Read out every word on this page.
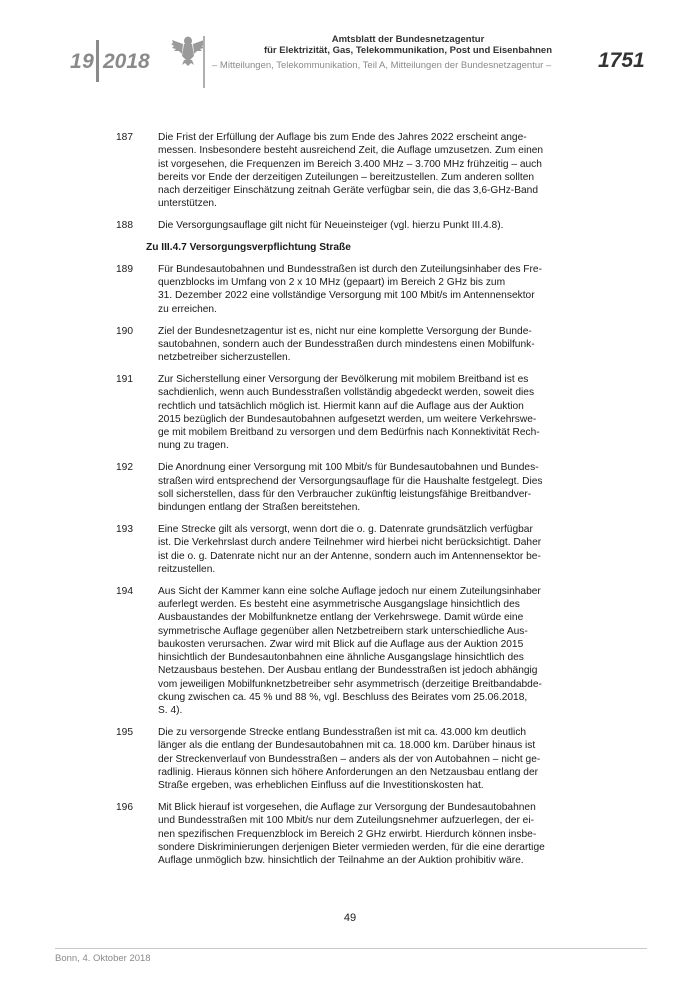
19 2018
Amtsblatt der Bundesnetzagentur
für Elektrizität, Gas, Telekommunikation, Post und Eisenbahnen
– Mitteilungen, Telekommunikation, Teil A, Mitteilungen der Bundesnetzagentur – 1751
187	Die Frist der Erfüllung der Auflage bis zum Ende des Jahres 2022 erscheint ange-
messen. Insbesondere besteht ausreichend Zeit, die Auflage umzusetzen. Zum einen
ist vorgesehen, die Frequenzen im Bereich 3.400 MHz – 3.700 MHz frühzeitig – auch
bereits vor Ende der derzeitigen Zuteilungen – bereitzustellen. Zum anderen sollten
nach derzeitiger Einschätzung zeitnah Geräte verfügbar sein, die das 3,6-GHz-Band
unterstützen.
188	Die Versorgungsauflage gilt nicht für Neueinsteiger (vgl. hierzu Punkt III.4.8).
Zu III.4.7 Versorgungsverpflichtung Straße
189	Für Bundesautobahnen und Bundesstraßen ist durch den Zuteilungsinhaber des Fre-
quenzblocks im Umfang von 2 x 10 MHz (gepaart) im Bereich 2 GHz bis zum
31. Dezember 2022 eine vollständige Versorgung mit 100 Mbit/s im Antennensektor
zu erreichen.
190	Ziel der Bundesnetzagentur ist es, nicht nur eine komplette Versorgung der Bunde-
sautobahnen, sondern auch der Bundesstraßen durch mindestens einen Mobilfunk-
netzbetreiber sicherzustellen.
191	Zur Sicherstellung einer Versorgung der Bevölkerung mit mobilem Breitband ist es
sachdienlich, wenn auch Bundesstraßen vollständig abgedeckt werden, soweit dies
rechtlich und tatsächlich möglich ist. Hiermit kann auf die Auflage aus der Auktion
2015 bezüglich der Bundesautobahnen aufgesetzt werden, um weitere Verkehrswe-
ge mit mobilem Breitband zu versorgen und dem Bedürfnis nach Konnektivität Rech-
nung zu tragen.
192	Die Anordnung einer Versorgung mit 100 Mbit/s für Bundesautobahnen und Bundes-
straßen wird entsprechend der Versorgungsauflage für die Haushalte festgelegt. Dies
soll sicherstellen, dass für den Verbraucher zukünftig leistungsfähige Breitbandver-
bindungen entlang der Straßen bereitstehen.
193	Eine Strecke gilt als versorgt, wenn dort die o. g. Datenrate grundsätzlich verfügbar
ist. Die Verkehrslast durch andere Teilnehmer wird hierbei nicht berücksichtigt. Daher
ist die o. g. Datenrate nicht nur an der Antenne, sondern auch im Antennensektor be-
reitzustellen.
194	Aus Sicht der Kammer kann eine solche Auflage jedoch nur einem Zuteilungsinhaber
auferlegt werden. Es besteht eine asymmetrische Ausgangslage hinsichtlich des
Ausbaustandes der Mobilfunknetze entlang der Verkehrswege. Damit würde eine
symmetrische Auflage gegenüber allen Netzbetreibern stark unterschiedliche Aus-
baukosten verursachen. Zwar wird mit Blick auf die Auflage aus der Auktion 2015
hinsichtlich der Bundesautonbahnen eine ähnliche Ausgangslage hinsichtlich des
Netzausbaus bestehen. Der Ausbau entlang der Bundesstraßen ist jedoch abhängig
vom jeweiligen Mobilfunknetzbetreiber sehr asymmetrisch (derzeitige Breitbandabde-
ckung zwischen ca. 45 % und 88 %, vgl. Beschluss des Beirates vom 25.06.2018,
S. 4).
195	Die zu versorgende Strecke entlang Bundesstraßen ist mit ca. 43.000 km deutlich
länger als die entlang der Bundesautobahnen mit ca. 18.000 km. Darüber hinaus ist
der Streckenverlauf von Bundesstraßen – anders als der von Autobahnen – nicht ge-
radlinig. Hieraus können sich höhere Anforderungen an den Netzausbau entlang der
Straße ergeben, was erheblichen Einfluss auf die Investitionskosten hat.
196	Mit Blick hierauf ist vorgesehen, die Auflage zur Versorgung der Bundesautobahnen
und Bundesstraßen mit 100 Mbit/s nur dem Zuteilungsnehmer aufzuerlegen, der ei-
nen spezifischen Frequenzblock im Bereich 2 GHz erwirbt. Hierdurch können insbe-
sondere Diskriminierungen derjenigen Bieter vermieden werden, für die eine derartige
Auflage unmöglich bzw. hinsichtlich der Teilnahme an der Auktion prohibitiv wäre.
49
Bonn, 4. Oktober 2018
